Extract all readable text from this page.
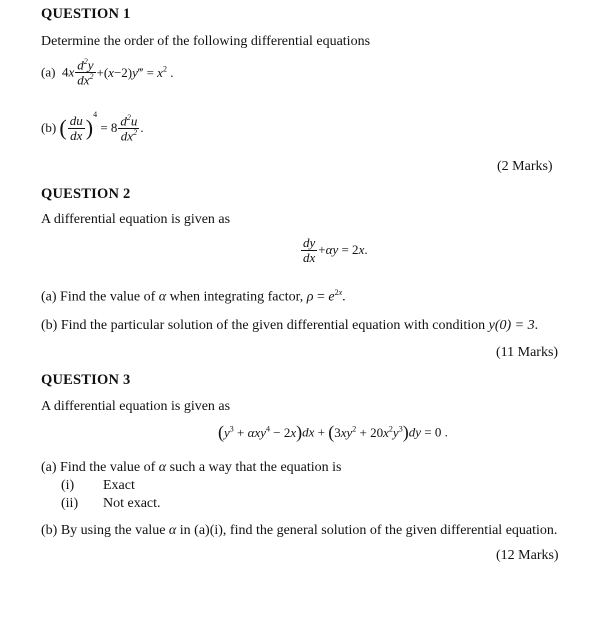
QUESTION 1
Determine the order of the following differential equations
(a)  $4x \frac{d^2y}{dx^2}$ +(x−2)y‴ = $x^2$ .
(b) ( $\frac{du}{dx} )^4 = 8 \frac{d^2u}{dx^2}$ .
(2 Marks)
QUESTION 2
A differential equation is given as
$\frac{dy}{dx} +\alpha y = 2x$.
(a) Find the value of α when integrating factor, $\rho = e^{2x}$.
(b) Find the particular solution of the given differential equation with condition y(0) = 3.
(11 Marks)
QUESTION 3
A differential equation is given as
$(y^3 + \alpha xy^4 - 2x)dx + (3xy^2 + 20x^2y^3)dy = 0$ .
(a) Find the value of α such a way that the equation is
(i) Exact
(ii) Not exact.
(b) By using the value α in (a)(i), find the general solution of the given differential equation.
(12 Marks)
